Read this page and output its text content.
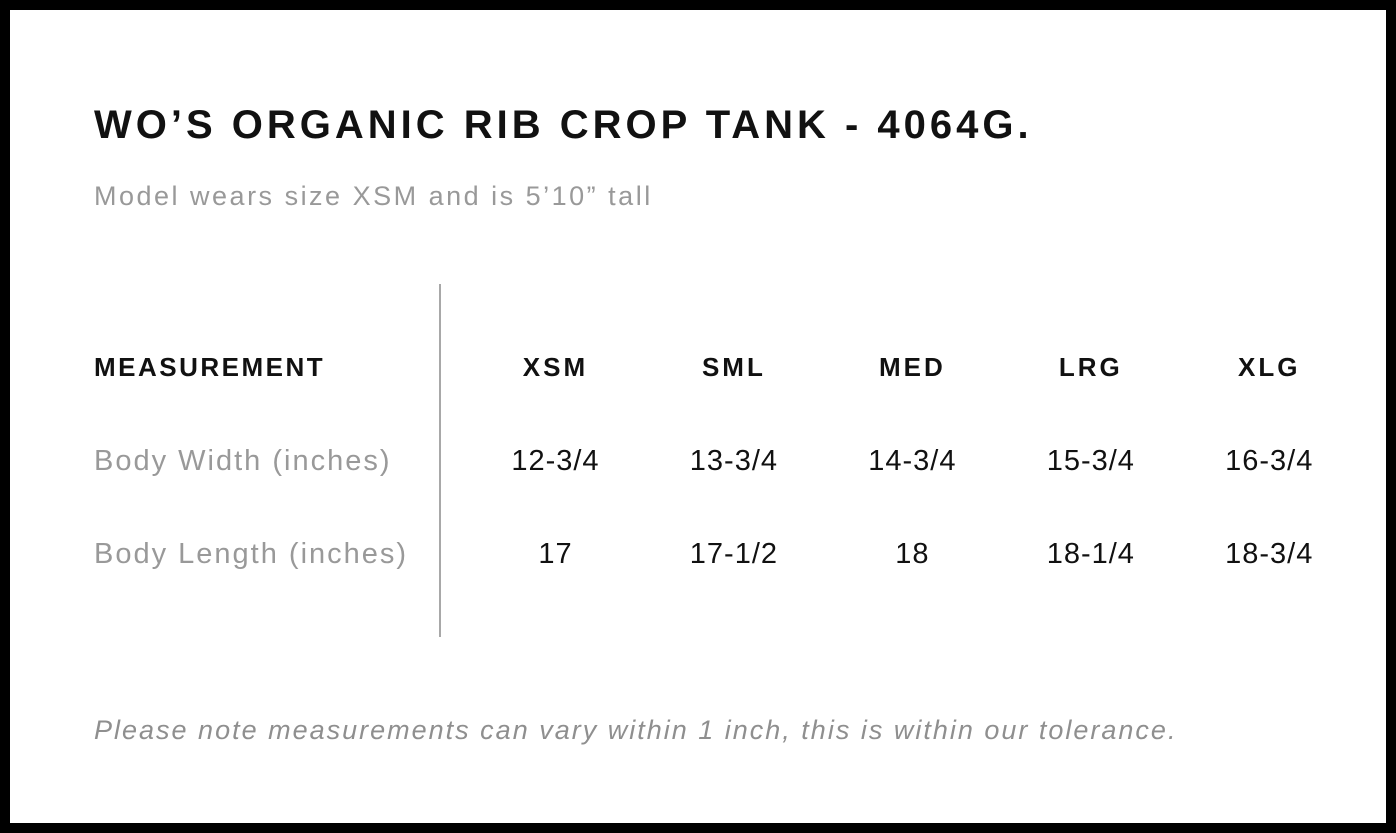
WO’S ORGANIC RIB CROP TANK - 4064G.

Model wears size XSM and is 5’10” tall

MEASUREMENT	XSM	SML	MED	LRG	XLG
Body Width (inches)	12-3/4	13-3/4	14-3/4	15-3/4	16-3/4
Body Length (inches)	17	17-1/2	18	18-1/4	18-3/4

Please note measurements can vary within 1 inch, this is within our tolerance.
